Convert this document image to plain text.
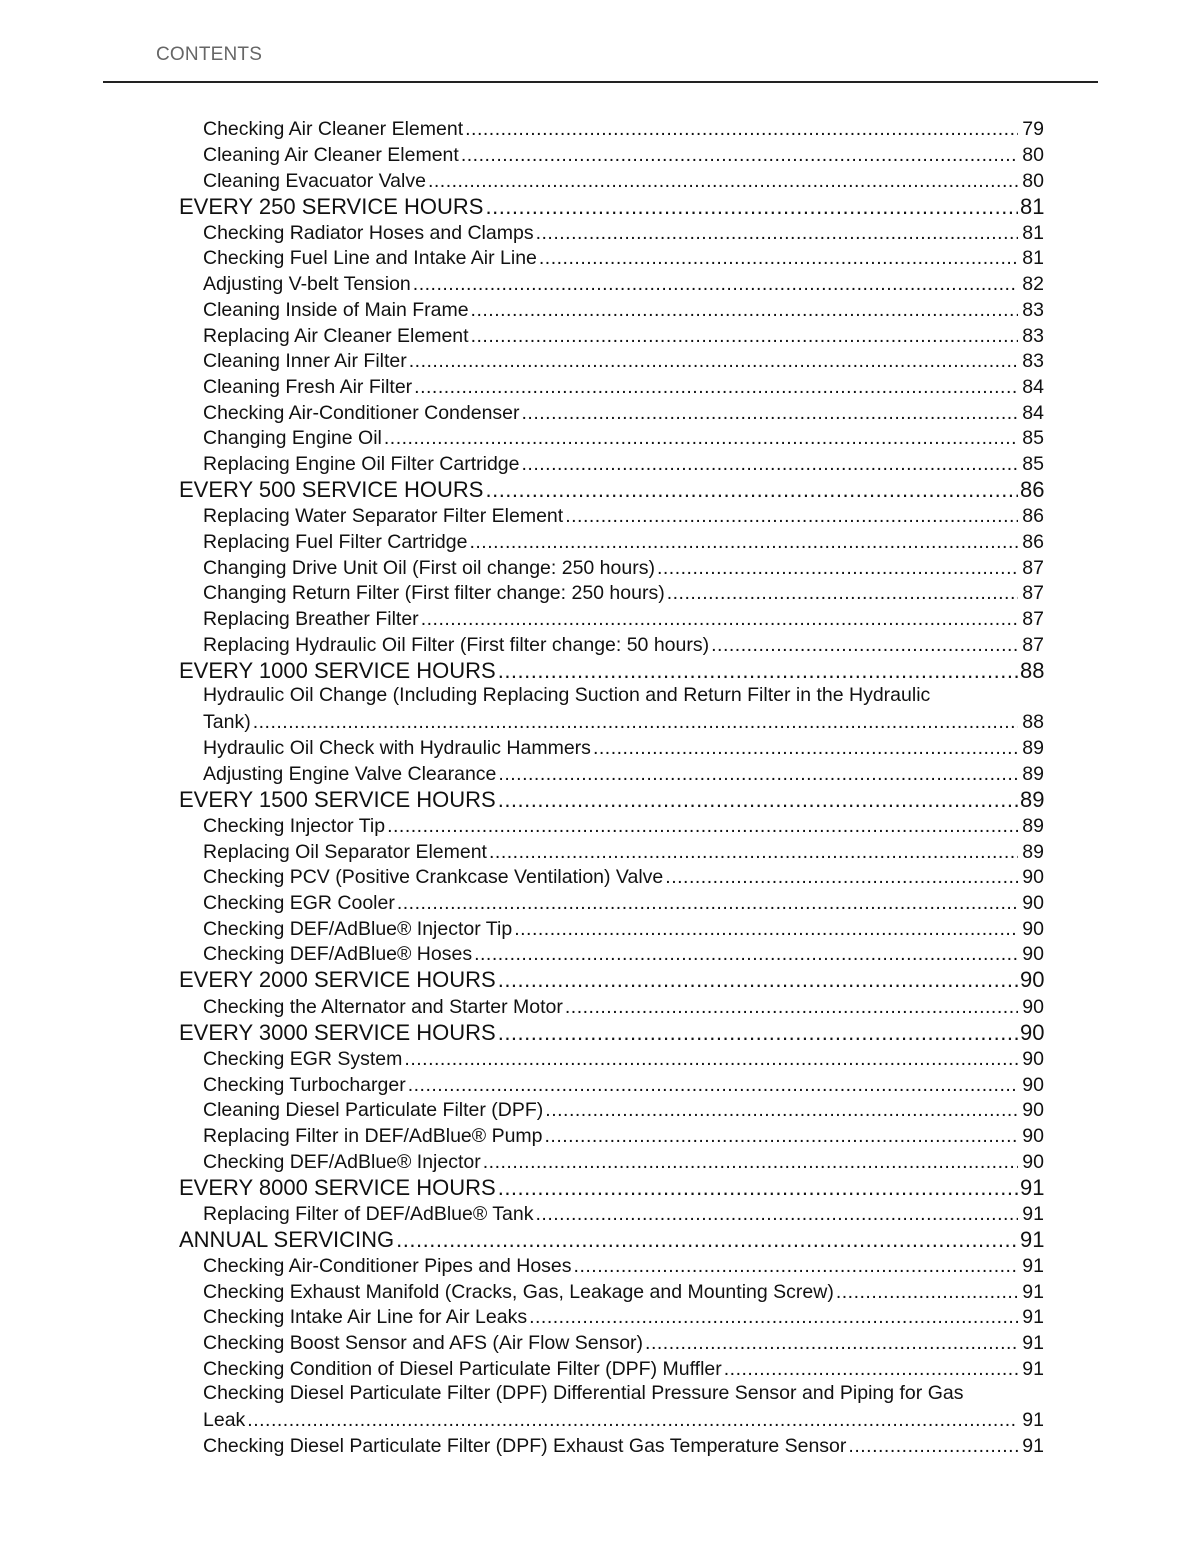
CONTENTS
Checking Air Cleaner Element .....	79
Cleaning Air Cleaner Element .....	80
Cleaning Evacuator Valve .....	80
EVERY 250 SERVICE HOURS .....	81
Checking Radiator Hoses and Clamps .....	81
Checking Fuel Line and Intake Air Line .....	81
Adjusting V-belt Tension .....	82
Cleaning Inside of Main Frame .....	83
Replacing Air Cleaner Element .....	83
Cleaning Inner Air Filter .....	83
Cleaning Fresh Air Filter .....	84
Checking Air-Conditioner Condenser .....	84
Changing Engine Oil .....	85
Replacing Engine Oil Filter Cartridge .....	85
EVERY 500 SERVICE HOURS .....	86
Replacing Water Separator Filter Element .....	86
Replacing Fuel Filter Cartridge .....	86
Changing Drive Unit Oil (First oil change: 250 hours) .....	87
Changing Return Filter (First filter change: 250 hours) .....	87
Replacing Breather Filter .....	87
Replacing Hydraulic Oil Filter (First filter change: 50 hours) .....	87
EVERY 1000 SERVICE HOURS .....	88
Hydraulic Oil Change (Including Replacing Suction and Return Filter in the Hydraulic
Tank) .....	88
Hydraulic Oil Check with Hydraulic Hammers .....	89
Adjusting Engine Valve Clearance .....	89
EVERY 1500 SERVICE HOURS .....	89
Checking Injector Tip .....	89
Replacing Oil Separator Element .....	89
Checking PCV (Positive Crankcase Ventilation) Valve .....	90
Checking EGR Cooler .....	90
Checking DEF/AdBlue® Injector Tip .....	90
Checking DEF/AdBlue® Hoses .....	90
EVERY 2000 SERVICE HOURS .....	90
Checking the Alternator and Starter Motor .....	90
EVERY 3000 SERVICE HOURS .....	90
Checking EGR System .....	90
Checking Turbocharger .....	90
Cleaning Diesel Particulate Filter (DPF) .....	90
Replacing Filter in DEF/AdBlue® Pump .....	90
Checking DEF/AdBlue® Injector .....	90
EVERY 8000 SERVICE HOURS .....	91
Replacing Filter of DEF/AdBlue® Tank .....	91
ANNUAL SERVICING .....	91
Checking Air-Conditioner Pipes and Hoses .....	91
Checking Exhaust Manifold (Cracks, Gas, Leakage and Mounting Screw) .....	91
Checking Intake Air Line for Air Leaks .....	91
Checking Boost Sensor and AFS (Air Flow Sensor) .....	91
Checking Condition of Diesel Particulate Filter (DPF) Muffler .....	91
Checking Diesel Particulate Filter (DPF) Differential Pressure Sensor and Piping for Gas
Leak .....	91
Checking Diesel Particulate Filter (DPF) Exhaust Gas Temperature Sensor .....	91
